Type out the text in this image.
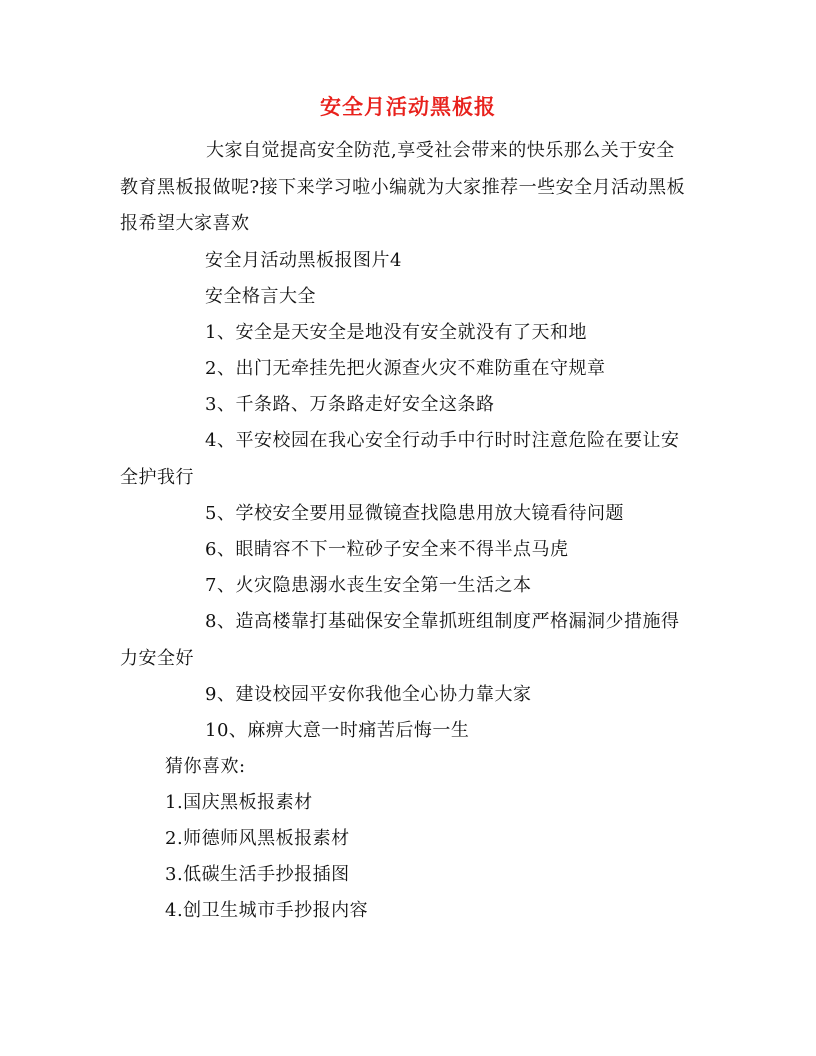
安全月活动黑板报
大家自觉提高安全防范,享受社会带来的快乐那么关于安全教育黑板报做呢?接下来学习啦小编就为大家推荐一些安全月活动黑板报希望大家喜欢
安全月活动黑板报图片4
安全格言大全
1、安全是天安全是地没有安全就没有了天和地
2、出门无牵挂先把火源查火灾不难防重在守规章
3、千条路、万条路走好安全这条路
4、平安校园在我心安全行动手中行时时注意危险在要让安全护我行
5、学校安全要用显微镜查找隐患用放大镜看待问题
6、眼睛容不下一粒砂子安全来不得半点马虎
7、火灾隐患溺水丧生安全第一生活之本
8、造高楼靠打基础保安全靠抓班组制度严格漏洞少措施得力安全好
9、建设校园平安你我他全心协力靠大家
10、麻痹大意一时痛苦后悔一生
猜你喜欢:
1.国庆黑板报素材
2.师德师风黑板报素材
3.低碳生活手抄报插图
4.创卫生城市手抄报内容
